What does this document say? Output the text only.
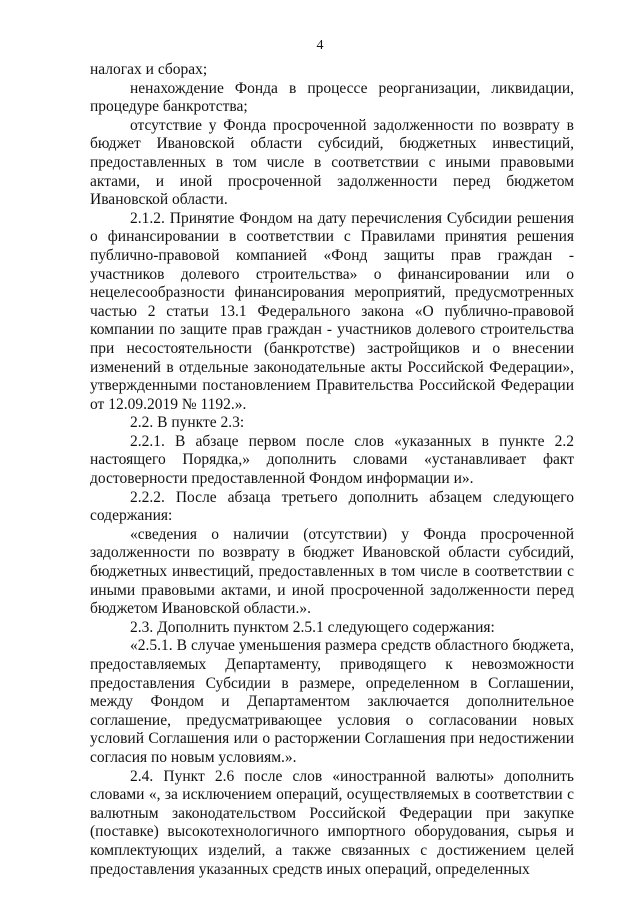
4

налогах и сборах;

ненахождение Фонда в процессе реорганизации, ликвидации, процедуре банкротства;

отсутствие у Фонда просроченной задолженности по возврату в бюджет Ивановской области субсидий, бюджетных инвестиций, предоставленных в том числе в соответствии с иными правовыми актами, и иной просроченной задолженности перед бюджетом Ивановской области.

2.1.2. Принятие Фондом на дату перечисления Субсидии решения о финансировании в соответствии с Правилами принятия решения публично-правовой компанией «Фонд защиты прав граждан - участников долевого строительства» о финансировании или о нецелесообразности финансирования мероприятий, предусмотренных частью 2 статьи 13.1 Федерального закона «О публично-правовой компании по защите прав граждан - участников долевого строительства при несостоятельности (банкротстве) застройщиков и о внесении изменений в отдельные законодательные акты Российской Федерации», утвержденными постановлением Правительства Российской Федерации от 12.09.2019 № 1192.».

2.2. В пункте 2.3:

2.2.1. В абзаце первом после слов «указанных в пункте 2.2 настоящего Порядка,» дополнить словами «устанавливает факт достоверности предоставленной Фондом информации и».

2.2.2. После абзаца третьего дополнить абзацем следующего содержания:

«сведения о наличии (отсутствии) у Фонда просроченной задолженности по возврату в бюджет Ивановской области субсидий, бюджетных инвестиций, предоставленных в том числе в соответствии с иными правовыми актами, и иной просроченной задолженности перед бюджетом Ивановской области.».

2.3. Дополнить пунктом 2.5.1 следующего содержания:

«2.5.1. В случае уменьшения размера средств областного бюджета, предоставляемых Департаменту, приводящего к невозможности предоставления Субсидии в размере, определенном в Соглашении, между Фондом и Департаментом заключается дополнительное соглашение, предусматривающее условия о согласовании новых условий Соглашения или о расторжении Соглашения при недостижении согласия по новым условиям.».

2.4. Пункт 2.6 после слов «иностранной валюты» дополнить словами «, за исключением операций, осуществляемых в соответствии с валютным законодательством Российской Федерации при закупке (поставке) высокотехнологичного импортного оборудования, сырья и комплектующих изделий, а также связанных с достижением целей предоставления указанных средств иных операций, определенных
